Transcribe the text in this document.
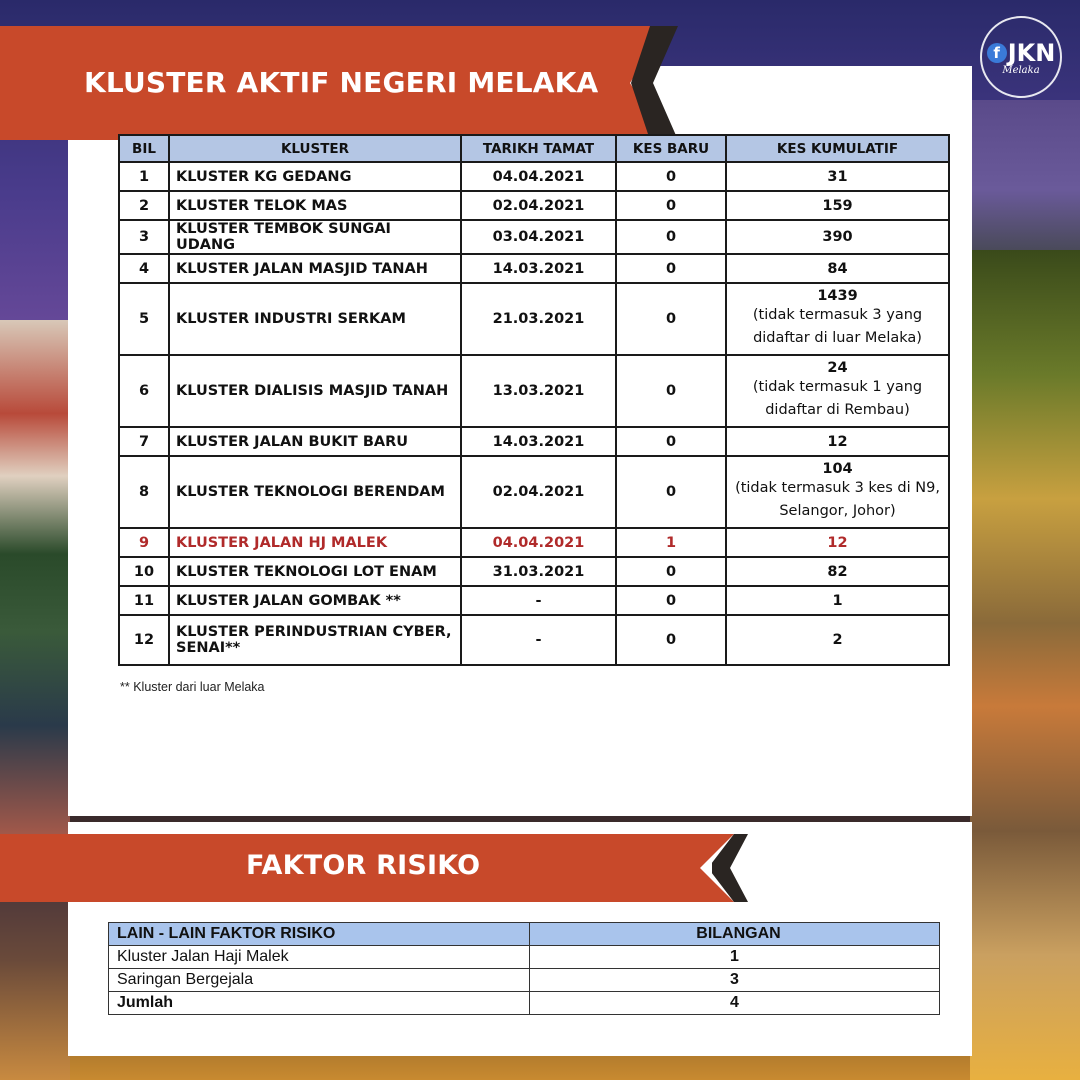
KLUSTER AKTIF NEGERI MELAKA
f JKN
Melaka
BIL	KLUSTER	TARIKH TAMAT	KES BARU	KES KUMULATIF
1	KLUSTER KG GEDANG	04.04.2021	0	31
2	KLUSTER TELOK MAS	02.04.2021	0	159
3	KLUSTER TEMBOK SUNGAI UDANG	03.04.2021	0	390
4	KLUSTER JALAN MASJID TANAH	14.03.2021	0	84
5	KLUSTER INDUSTRI SERKAM	21.03.2021	0	1439
(tidak termasuk 3 yang didaftar di luar Melaka)

6	KLUSTER DIALISIS MASJID TANAH	13.03.2021	0	24
(tidak termasuk 1 yang didaftar di Rembau)

7	KLUSTER JALAN BUKIT BARU	14.03.2021	0	12
8	KLUSTER TEKNOLOGI BERENDAM	02.04.2021	0	104
(tidak termasuk 3 kes di N9, Selangor, Johor)

9	KLUSTER JALAN HJ MALEK	04.04.2021	1	12
10	KLUSTER TEKNOLOGI LOT ENAM	31.03.2021	0	82
11	KLUSTER JALAN GOMBAK **	-	0	1
12	KLUSTER PERINDUSTRIAN CYBER, SENAI**	-	0	2
** Kluster dari luar Melaka
FAKTOR RISIKO
LAIN - LAIN FAKTOR RISIKO	BILANGAN
Kluster Jalan Haji Malek	1
Saringan Bergejala	3
Jumlah	4
